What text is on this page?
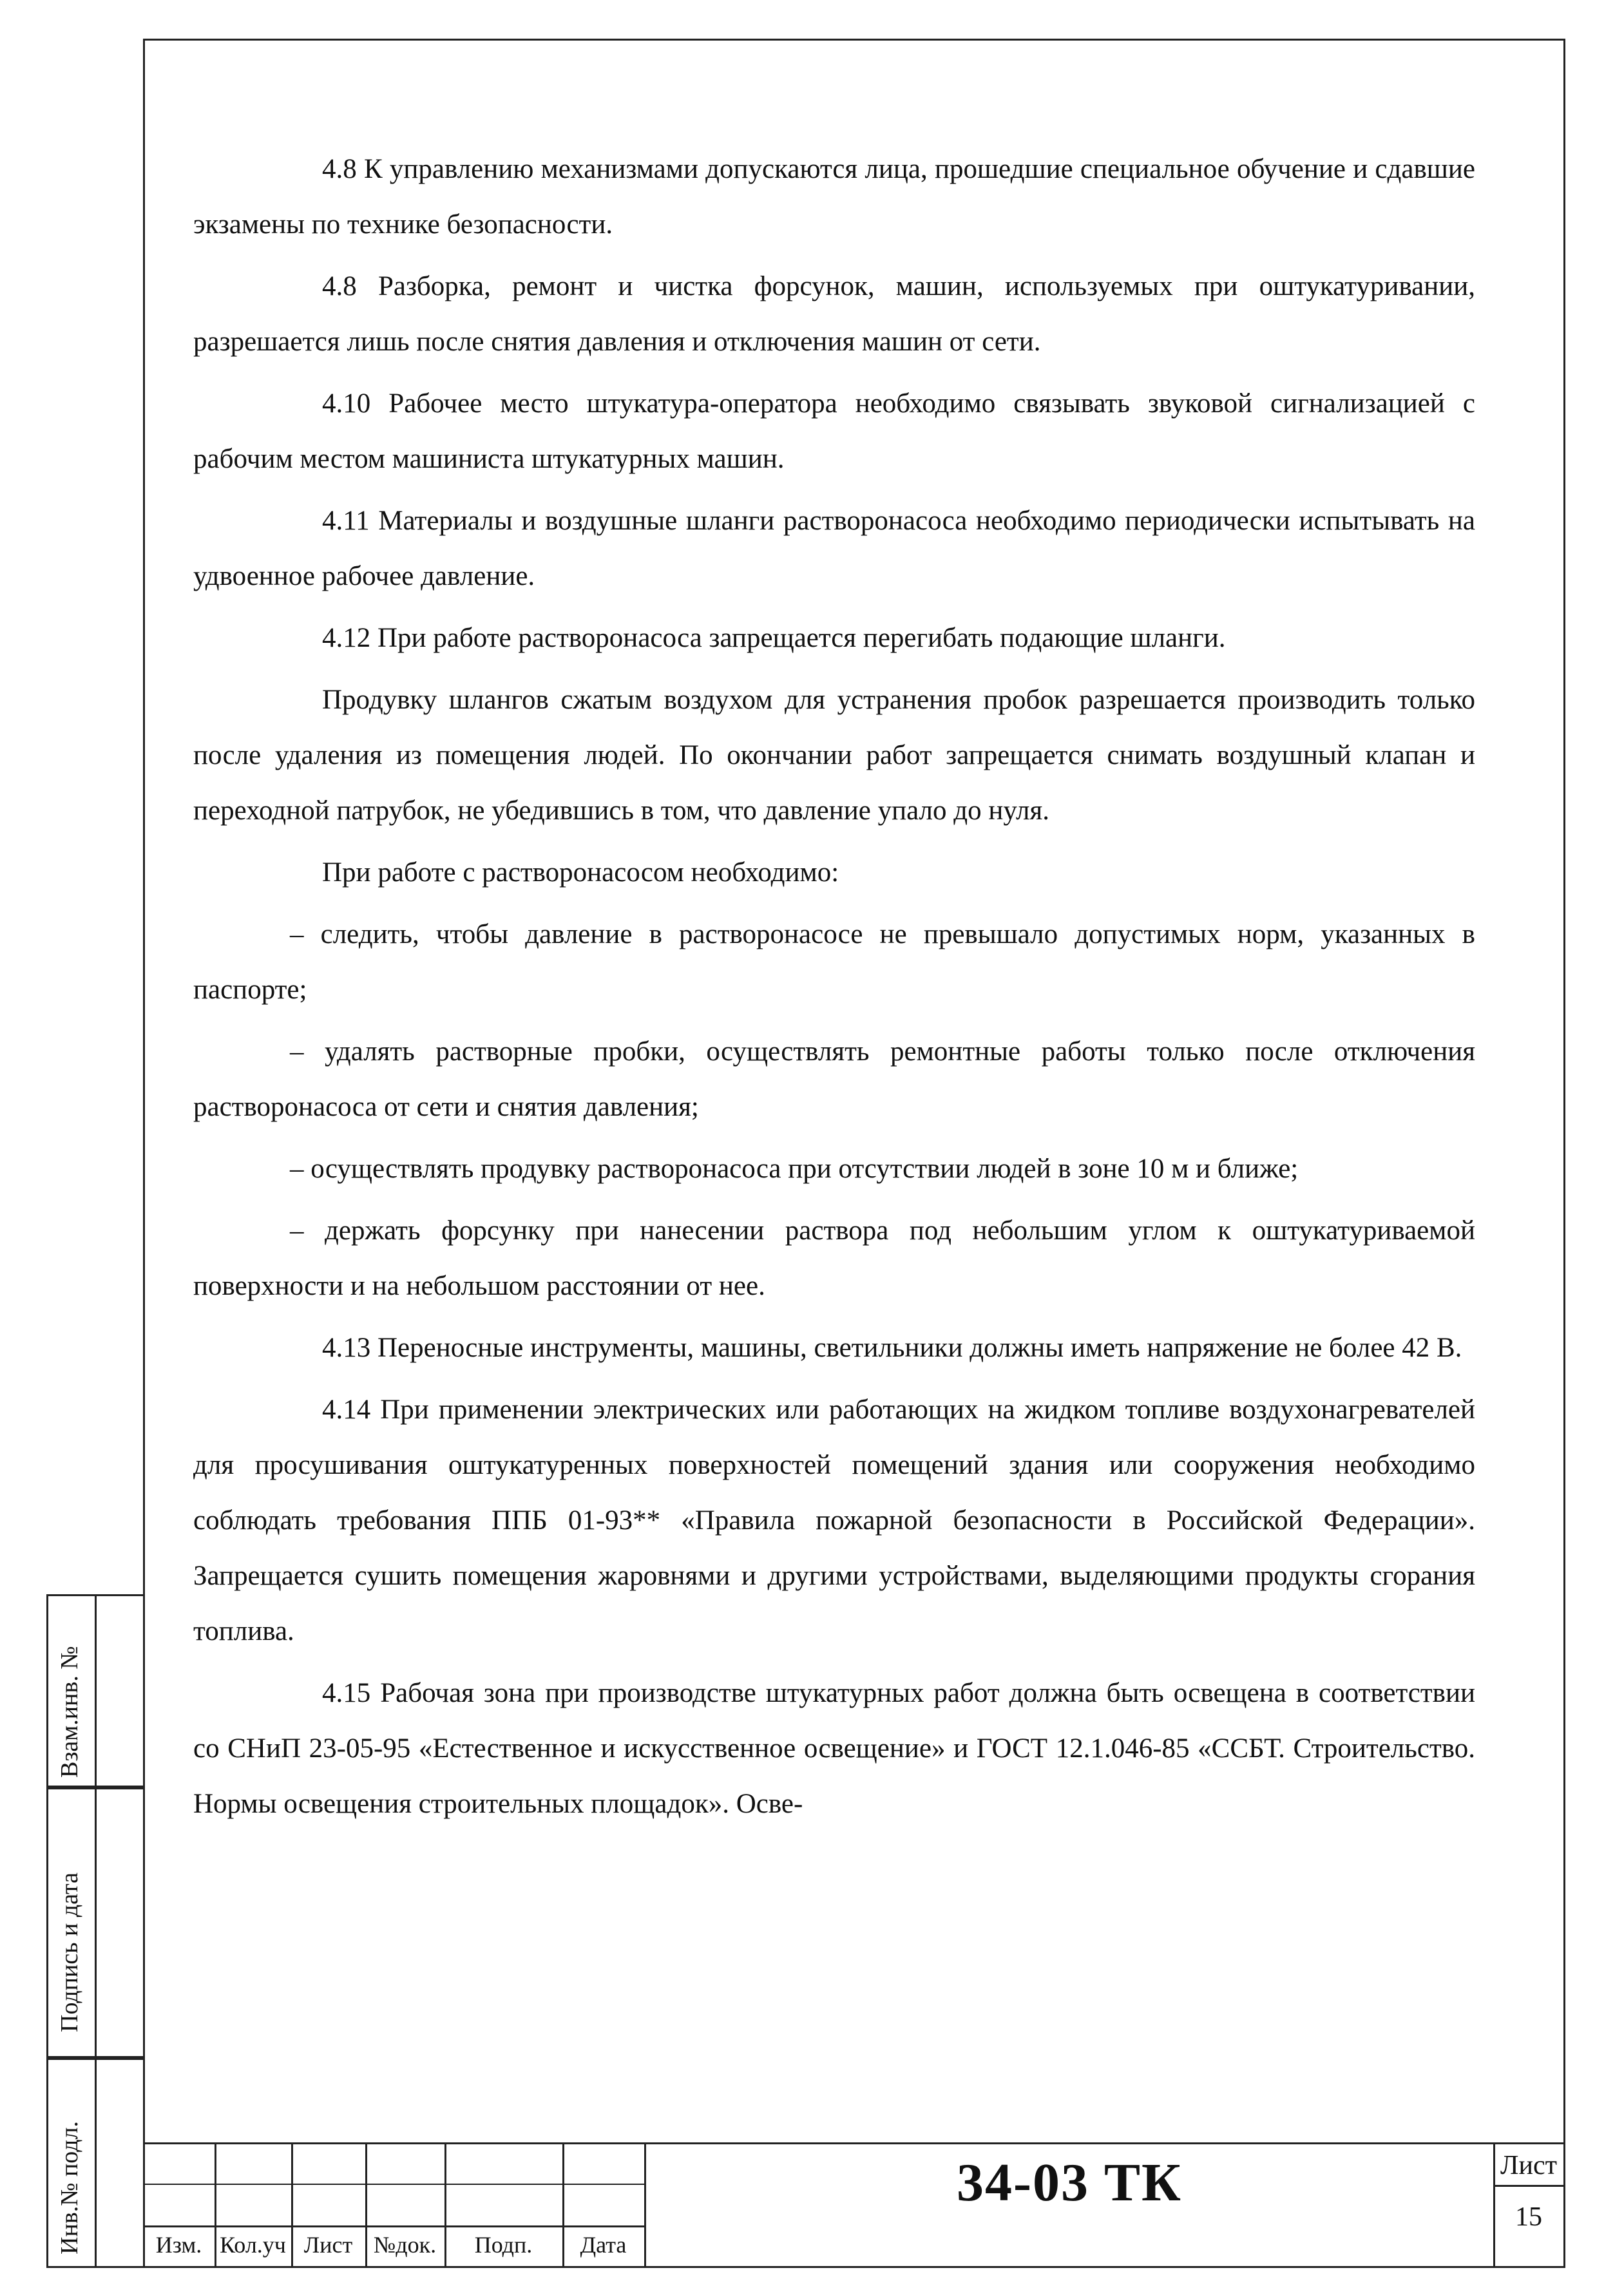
4.8 К управлению механизмами допускаются лица, прошедшие специальное обучение и сдавшие экзамены по технике безопасности.

4.8 Разборка, ремонт и чистка форсунок, машин, используемых при оштукатуривании, разрешается лишь после снятия давления и отключения машин от сети.

4.10 Рабочее место штукатура-оператора необходимо связывать звуковой сигнализацией с рабочим местом машиниста штукатурных машин.

4.11 Материалы и воздушные шланги растворонасоса необходимо периодически испытывать на удвоенное рабочее давление.

4.12 При работе растворонасоса запрещается перегибать подающие шланги.

Продувку шлангов сжатым воздухом для устранения пробок разрешается производить только после удаления из помещения людей. По окончании работ запрещается снимать воздушный клапан и переходной патрубок, не убедившись в том, что давление упало до нуля.

При работе с растворонасосом необходимо:

– следить, чтобы давление в растворонасосе не превышало допустимых норм, указанных в паспорте;

– удалять растворные пробки, осуществлять ремонтные работы только после отключения растворонасоса от сети и снятия давления;

– осуществлять продувку растворонасоса при отсутствии людей в зоне 10 м и ближе;

– держать форсунку при нанесении раствора под небольшим углом к оштукатуриваемой поверхности и на небольшом расстоянии от нее.

4.13 Переносные инструменты, машины, светильники должны иметь напряжение не более 42 В.

4.14 При применении электрических или работающих на жидком топливе воздухонагревателей для просушивания оштукатуренных поверхностей помещений здания или сооружения необходимо соблюдать требования ППБ 01-93** «Правила пожарной безопасности в Российской Федерации». Запрещается сушить помещения жаровнями и другими устройствами, выделяющими продукты сгорания топлива.

4.15 Рабочая зона при производстве штукатурных работ должна быть освещена в соответствии со СНиП 23-05-95 «Естественное и искусственное освещение» и ГОСТ 12.1.046-85 «ССБТ. Строительство. Нормы освещения строительных площадок». Осве-

Взам.инв. №
Подпись и дата
Инв.№ подл.	Изм. Кол.уч Лист №док.	Подп.	Дата
34-03 ТК	Лист
15
